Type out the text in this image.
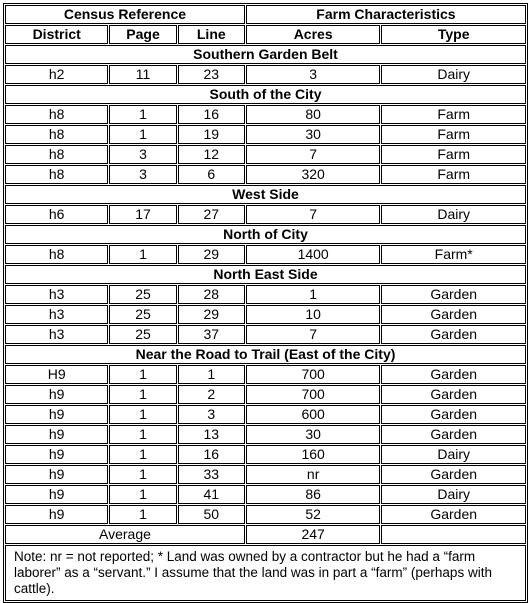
Census Reference			Farm Characteristics	
District	Page	Line	Acres	Type
Southern Garden Belt				
h2	11	23	3	Dairy
South of the City				
h8	1	16	80	Farm
h8	1	19	30	Farm
h8	3	12	7	Farm
h8	3	6	320	Farm
West Side				
h6	17	27	7	Dairy
North of City				
h8	1	29	1400	Farm*
North East Side				
h3	25	28	1	Garden
h3	25	29	10	Garden
h3	25	37	7	Garden
Near the Road to Trail (East of the City)				
H9	1	1	700	Garden
h9	1	2	700	Garden
h9	1	3	600	Garden
h9	1	13	30	Garden
h9	1	16	160	Dairy
h9	1	33	nr	Garden
h9	1	41	86	Dairy
h9	1	50	52	Garden
Average			247	
Note: nr = not reported; * Land was owned by a contractor but he had a “farm laborer” as a “servant.” I assume that the land was in part a “farm” (perhaps with cattle).				
